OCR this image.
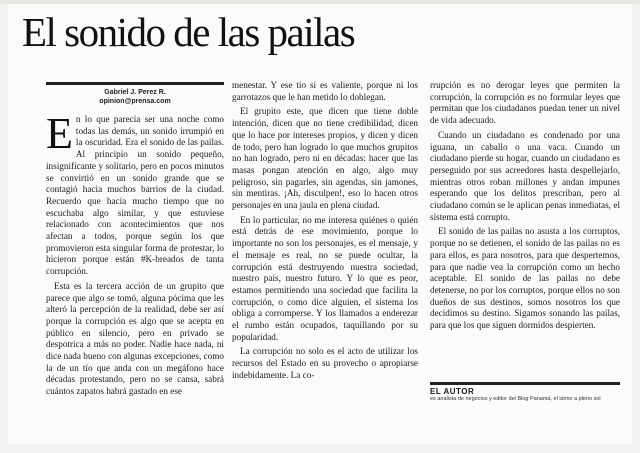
El sonido de las pailas
Gabriel J. Perez R.
opinion@prensa.com

En lo que parecía ser una noche como todas las demás, un sonido irrumpió en la oscuridad. Era el sonido de las pailas. Al principio un sonido pequeño, insignificante y solitario, pero en pocos minutos se convirtió en un sonido grande que se contagió hacia muchos barrios de la ciudad. Recuerdo que hacía mucho tiempo que no escuchaba algo similar, y que estuviese relacionado con acontecimientos que nos afectan a todos, porque según los que promovieron esta singular forma de protestar, lo hicieron porque están #K-breados de tanta corrupción.

Esta es la tercera acción de un grupito que parece que algo se tomó, alguna pócima que les alteró la percepción de la realidad, debe ser así porque la corrupción es algo que se acepta en público en silencio, pero en privado se despotrica a más no poder. Nadie hace nada, ni dice nada bueno con algunas excepciones, como la de un tío que anda con un megáfono hace décadas protestando, pero no se cansa, sabrá cuántos zapatos habrá gastado en ese

menestar. Y ese tío sí es valiente, porque ni los garrotazos que le han metido lo doblegan.

El grupito este, que dicen que tiene doble intención, dicen que no tiene credibilidad, dicen que lo hace por intereses propios, y dicen y dicen de todo, pero han logrado lo que muchos grupitos no han logrado, pero ni en décadas: hacer que las masas pongan atención en algo, algo muy peligroso, sin pagarles, sin agendas, sin jamones, sin mentiras. ¡Ah, disculpen!, eso lo hacen otros personajes en una jaula en plena ciudad.

En lo particular, no me interesa quiénes o quién está detrás de ese movimiento, porque lo importante no son los personajes, es el mensaje, y el mensaje es real, no se puede ocultar, la corrupción está destruyendo nuestra sociedad, nuestro país, nuestro futuro. Y lo que es peor, estamos permitiendo una sociedad que facilita la corrupción, o como dice alguien, el sistema los obliga a corromperse. Y los llamados a enderezar el rumbo están ocupados, taquillando por su popularidad.

La corrupción no solo es el acto de utilizar los recursos del Estado en su provecho o apropiarse indebidamente. La co-

rrupción es no derogar leyes que permiten la corrupción, la corrupción es no formular leyes que permitan que los ciudadanos puedan tener un nivel de vida adecuado.

Cuando un ciudadano es condenado por una iguana, un caballo o una vaca. Cuando un ciudadano pierde su hogar, cuando un ciudadano es perseguido por sus acreedores hasta despellejarlo, mientras otros roban millones y andan impunes esperando que los delitos prescriban, pero al ciudadano común se le aplican penas inmediatas, el sistema está corrupto.

El sonido de las pailas no asusta a los corruptos, porque no se detienen, el sonido de las pailas no es para ellos, es para nosotros, para que despertemos, para que nadie vea la corrupción como un hecho aceptable. El sonido de las pailas no debe detenerse, no por los corruptos, porque ellos no son dueños de sus destinos, somos nosotros los que decidimos su destino. Sigamos sonando las pailas, para que los que siguen dormidos despierten.

EL AUTOR
es analista de negocios y editor del Blog Panamá, el istmo a pleno sol
